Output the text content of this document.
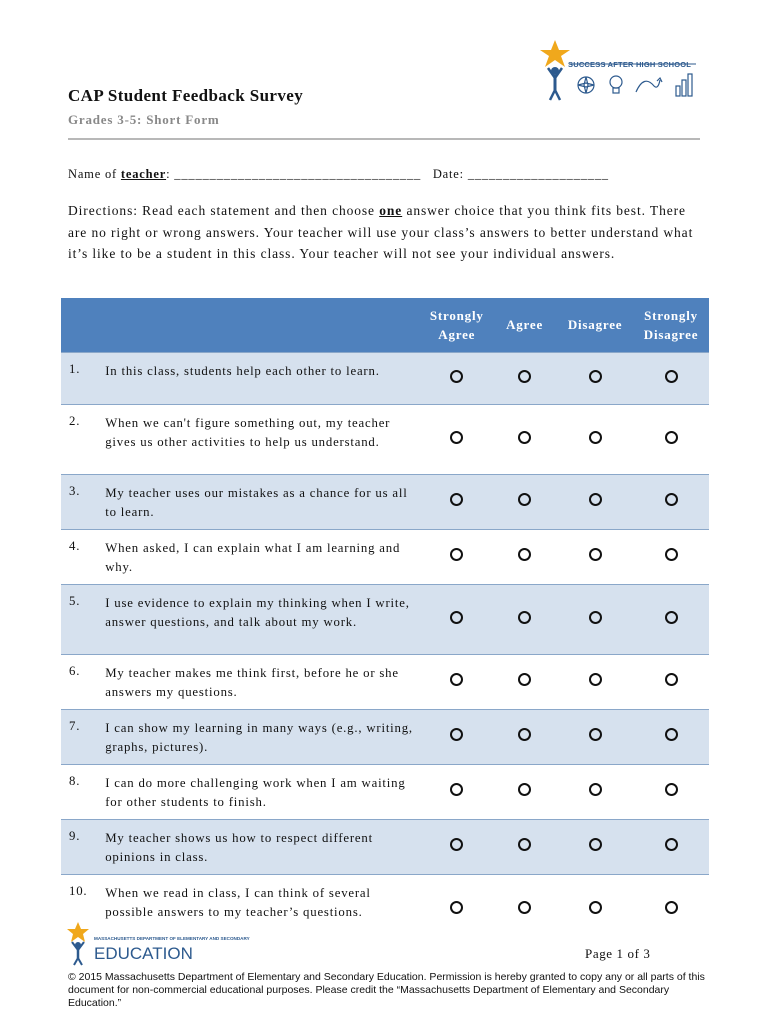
SUCCESS AFTER HIGH SCHOOL
CAP Student Feedback Survey
Grades 3-5: Short Form
Name of teacher: ___________________________________ Date: ____________________
Directions: Read each statement and then choose one answer choice that you think fits best. There are no right or wrong answers. Your teacher will use your class’s answers to better understand what it’s like to be a student in this class. Your teacher will not see your individual answers.
		Strongly Agree	Agree	Disagree	Strongly Disagree
1.	In this class, students help each other to learn.				
2.	When we can't figure something out, my teacher gives us other activities to help us understand.				
3.	My teacher uses our mistakes as a chance for us all to learn.				
4.	When asked, I can explain what I am learning and why.				
5.	I use evidence to explain my thinking when I write, answer questions, and talk about my work.				
6.	My teacher makes me think first, before he or she answers my questions.				
7.	I can show my learning in many ways (e.g., writing, graphs, pictures).				
8.	I can do more challenging work when I am waiting for other students to finish.				
9.	My teacher shows us how to respect different opinions in class.				
10.	When we read in class, I can think of several possible answers to my teacher’s questions.				
MASSACHUSETTS DEPARTMENT OF ELEMENTARY AND SECONDARY
EDUCATION	Page 1 of 3
© 2015 Massachusetts Department of Elementary and Secondary Education. Permission is hereby granted to copy any or all parts of this document for non-commercial educational purposes. Please credit the “Massachusetts Department of Elementary and Secondary Education.”
